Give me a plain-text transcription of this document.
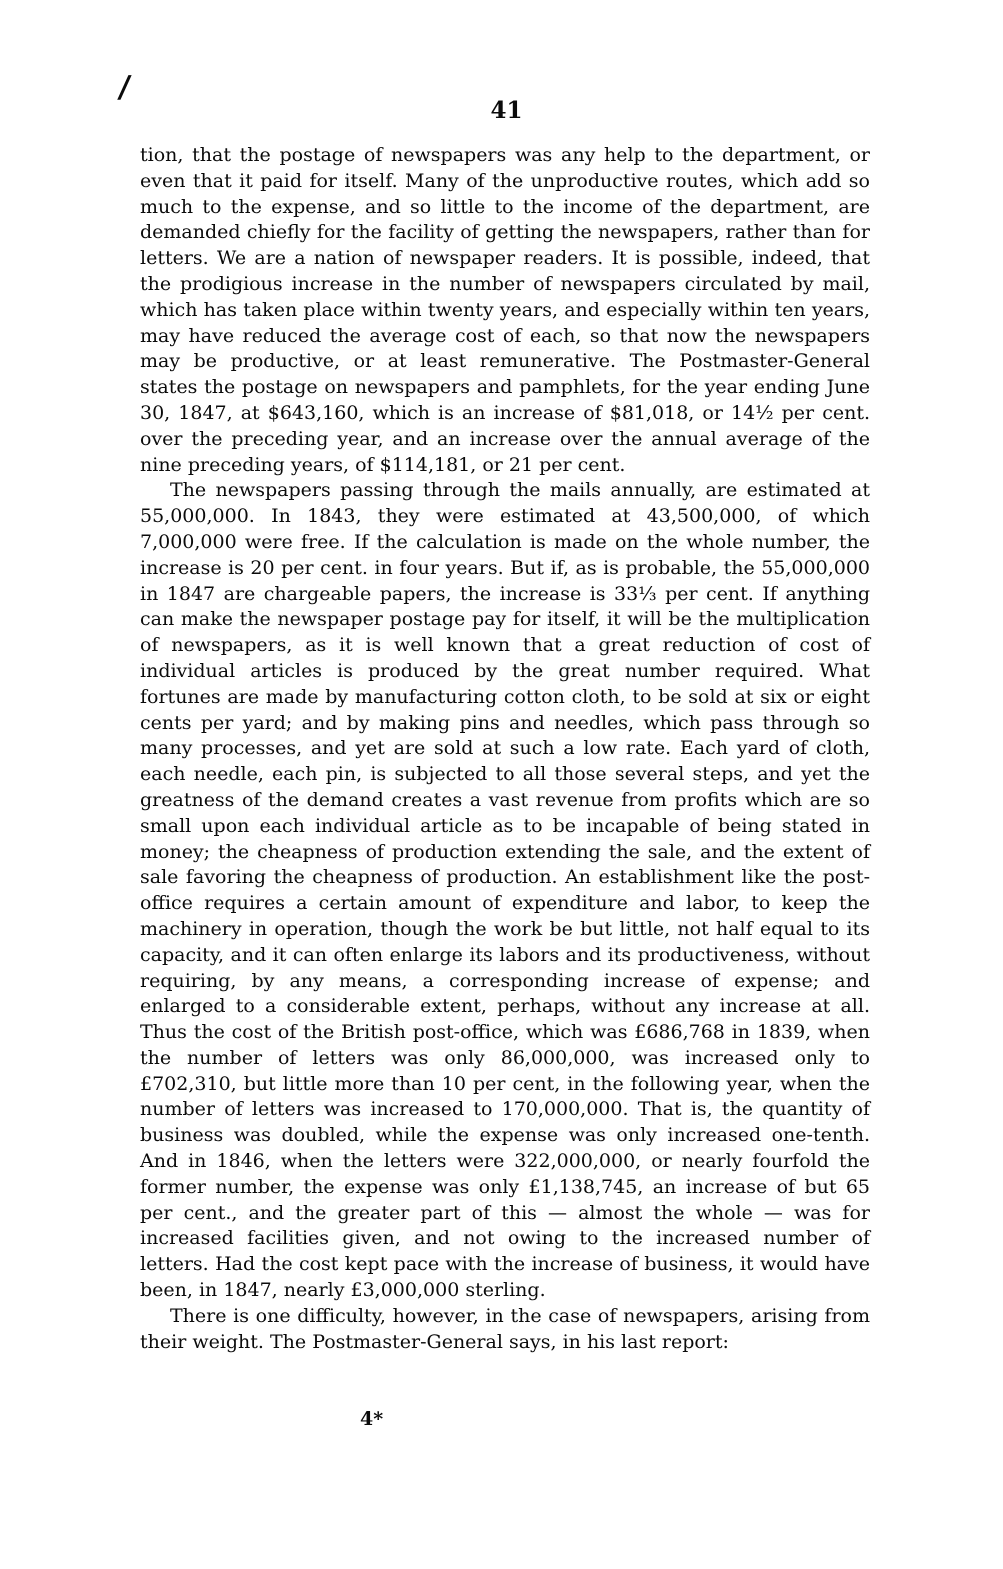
/
41

tion, that the postage of newspapers was any help to the department, or even that it paid for itself. Many of the unproductive routes, which add so much to the expense, and so little to the income of the department, are demanded chiefly for the facility of getting the newspapers, rather than for letters. We are a nation of newspaper readers. It is possible, indeed, that the prodigious increase in the number of newspapers circulated by mail, which has taken place within twenty years, and especially within ten years, may have reduced the average cost of each, so that now the newspapers may be productive, or at least remunerative. The Postmaster-General states the postage on newspapers and pamphlets, for the year ending June 30, 1847, at $643,160, which is an increase of $81,018, or 14½ per cent. over the preceding year, and an increase over the annual average of the nine preceding years, of $114,181, or 21 per cent.

The newspapers passing through the mails annually, are estimated at 55,000,000. In 1843, they were estimated at 43,500,000, of which 7,000,000 were free. If the calculation is made on the whole number, the increase is 20 per cent. in four years. But if, as is probable, the 55,000,000 in 1847 are chargeable papers, the increase is 33⅓ per cent. If anything can make the newspaper postage pay for itself, it will be the multiplication of newspapers, as it is well known that a great reduction of cost of individual articles is produced by the great number required. What fortunes are made by manufacturing cotton cloth, to be sold at six or eight cents per yard; and by making pins and needles, which pass through so many processes, and yet are sold at such a low rate. Each yard of cloth, each needle, each pin, is subjected to all those several steps, and yet the greatness of the demand creates a vast revenue from profits which are so small upon each individual article as to be incapable of being stated in money; the cheapness of production extending the sale, and the extent of sale favoring the cheapness of production. An establishment like the post-office requires a certain amount of expenditure and labor, to keep the machinery in operation, though the work be but little, not half equal to its capacity, and it can often enlarge its labors and its productiveness, without requiring, by any means, a corresponding increase of expense; and enlarged to a considerable extent, perhaps, without any increase at all. Thus the cost of the British post-office, which was £686,768 in 1839, when the number of letters was only 86,000,000, was increased only to £702,310, but little more than 10 per cent, in the following year, when the number of letters was increased to 170,000,000. That is, the quantity of business was doubled, while the expense was only increased one-tenth. And in 1846, when the letters were 322,000,000, or nearly fourfold the former number, the expense was only £1,138,745, an increase of but 65 per cent., and the greater part of this — almost the whole — was for increased facilities given, and not owing to the increased number of letters. Had the cost kept pace with the increase of business, it would have been, in 1847, nearly £3,000,000 sterling.

There is one difficulty, however, in the case of newspapers, arising from their weight. The Postmaster-General says, in his last report:

4*
